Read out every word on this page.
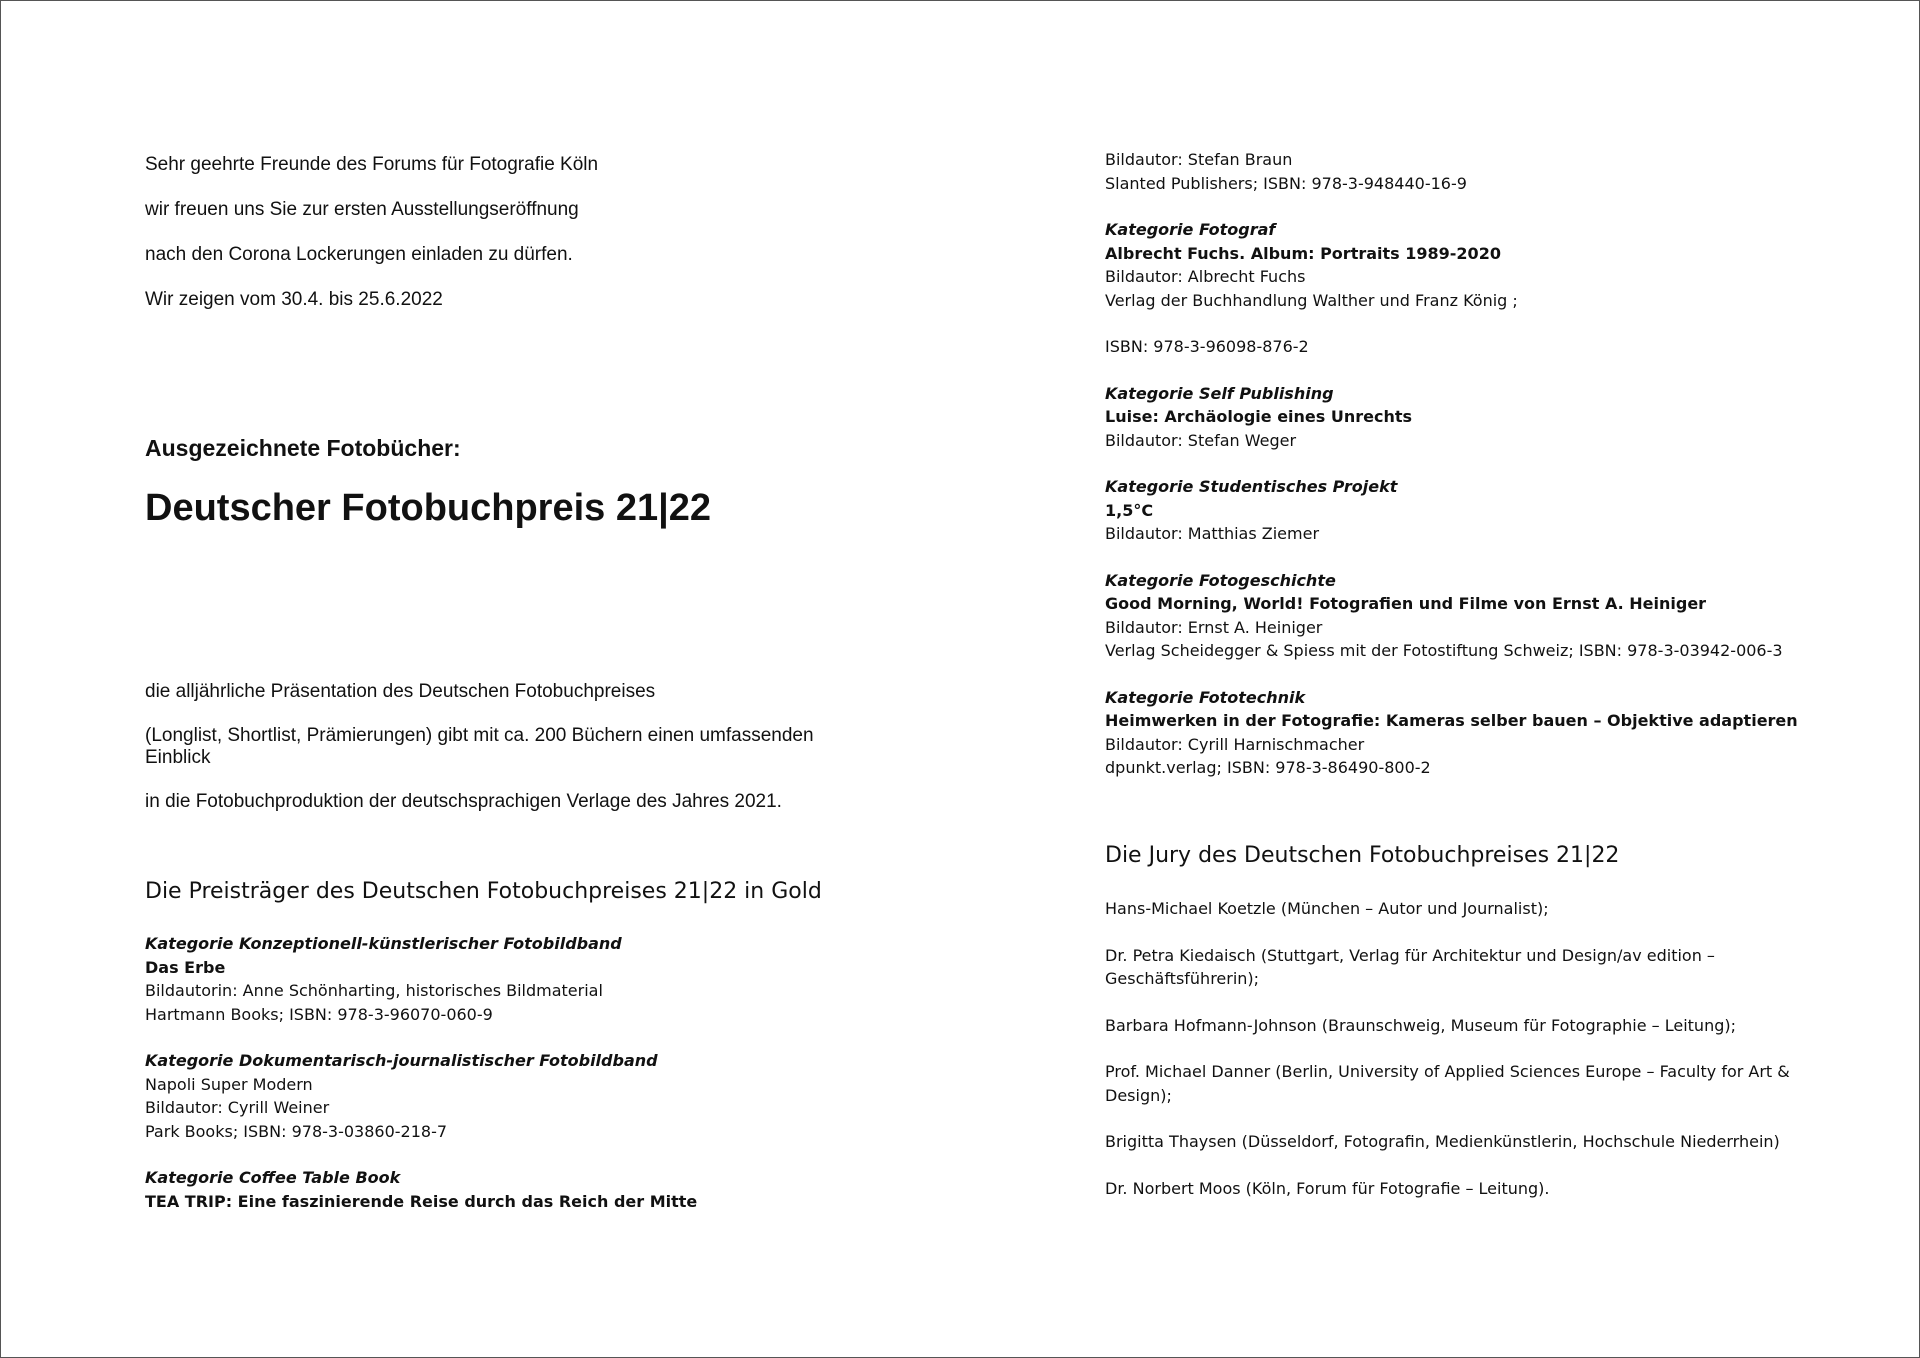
Sehr geehrte Freunde des Forums für Fotografie Köln

wir freuen uns Sie zur ersten Ausstellungseröffnung

nach den Corona Lockerungen einladen zu dürfen.

Wir zeigen vom 30.4. bis 25.6.2022

Ausgezeichnete Fotobücher:
Deutscher Fotobuchpreis 21|22

die alljährliche Präsentation des Deutschen Fotobuchpreises

(Longlist, Shortlist, Prämierungen) gibt mit ca. 200 Büchern einen umfassenden Einblick

in die Fotobuchproduktion der deutschsprachigen Verlage des Jahres 2021.

Die Preisträger des Deutschen Fotobuchpreises 21|22 in Gold
Kategorie Konzeptionell-künstlerischer Fotobildband
Das Erbe
Bildautorin: Anne Schönharting, historisches Bildmaterial
Hartmann Books; ISBN: 978-3-96070-060-9
Kategorie Dokumentarisch-journalistischer Fotobildband
Napoli Super Modern
Bildautor: Cyrill Weiner
Park Books; ISBN: 978-3-03860-218-7
Kategorie Coffee Table Book
TEA TRIP: Eine faszinierende Reise durch das Reich der Mitte
Bildautor: Stefan Braun
Slanted Publishers; ISBN: 978-3-948440-16-9
Kategorie Fotograf
Albrecht Fuchs. Album: Portraits 1989-2020
Bildautor: Albrecht Fuchs
Verlag der Buchhandlung Walther und Franz König ;
ISBN: 978-3-96098-876-2
Kategorie Self Publishing
Luise: Archäologie eines Unrechts
Bildautor: Stefan Weger
Kategorie Studentisches Projekt
1,5°C
Bildautor: Matthias Ziemer
Kategorie Fotogeschichte
Good Morning, World! Fotografien und Filme von Ernst A. Heiniger
Bildautor: Ernst A. Heiniger
Verlag Scheidegger & Spiess mit der Fotostiftung Schweiz; ISBN: 978-3-03942-006-3
Kategorie Fototechnik
Heimwerken in der Fotografie: Kameras selber bauen – Objektive adaptieren
Bildautor: Cyrill Harnischmacher
dpunkt.verlag; ISBN: 978-3-86490-800-2
Die Jury des Deutschen Fotobuchpreises 21|22

Hans-Michael Koetzle (München – Autor und Journalist);

Dr. Petra Kiedaisch (Stuttgart, Verlag für Architektur und Design/av edition – Geschäftsführerin);

Barbara Hofmann-Johnson (Braunschweig, Museum für Fotographie – Leitung);

Prof. Michael Danner (Berlin, University of Applied Sciences Europe – Faculty for Art & Design);

Brigitta Thaysen (Düsseldorf, Fotografin, Medienkünstlerin, Hochschule Niederrhein)

Dr. Norbert Moos (Köln, Forum für Fotografie – Leitung).
